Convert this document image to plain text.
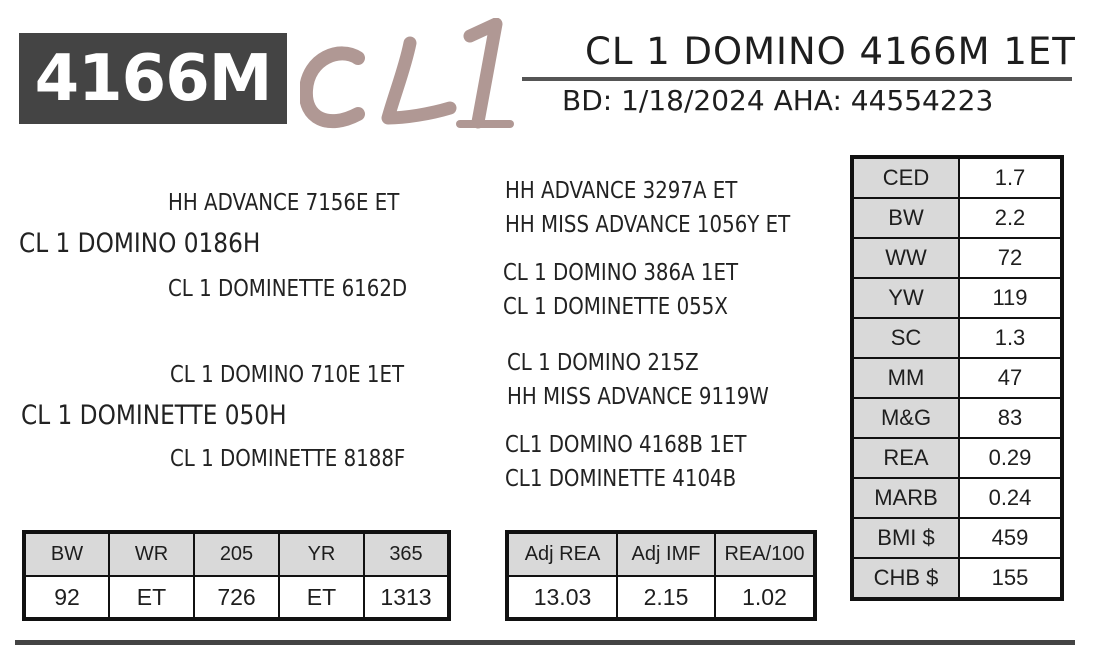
4166M	CL 1 DOMINO 4166M 1ET
BD: 1/18/2024 AHA: 44554223
HH ADVANCE 7156E ET
CL 1 DOMINO 0186H
CL 1 DOMINETTE 6162D
CL 1 DOMINO 710E 1ET
CL 1 DOMINETTE 050H
CL 1 DOMINETTE 8188F
HH ADVANCE 3297A ET
HH MISS ADVANCE 1056Y ET
CL 1 DOMINO 386A 1ET
CL 1 DOMINETTE 055X
CL 1 DOMINO 215Z
HH MISS ADVANCE 9119W
CL1 DOMINO 4168B 1ET
CL1 DOMINETTE 4104B
CED	1.7
BW	2.2
WW	72
YW	119
SC	1.3
MM	47
M&G	83
REA	0.29
MARB	0.24
BMI $	459
CHB $	155
BW	WR	205	YR	365
92	ET	726	ET	1313
Adj REA	Adj IMF	REA/100
13.03	2.15	1.02
